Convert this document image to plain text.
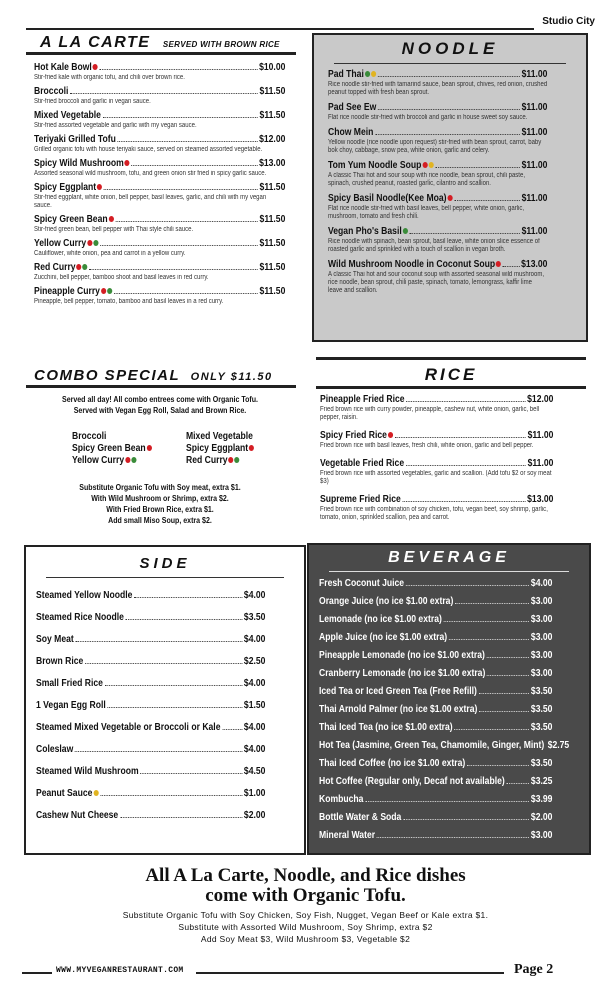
Studio City
A LA CARTE SERVED WITH BROWN RICE
Hot Kale Bowl	$10.00
Stir-fried kale with organic tofu, and chili over brown rice.
Broccoli	$11.50
Stir-fried broccoli and garlic in vegan sauce.
Mixed Vegetable	$11.50
Stir-fried assorted vegetable and garlic with my vegan sauce.
Teriyaki Grilled Tofu	$12.00
Grilled organic tofu with house teriyaki sauce, served on steamed assorted vegetable.
Spicy Wild Mushroom	$13.00
Assorted seasonal wild mushroom, tofu, and green onion stir fried in spicy garlic sauce.
Spicy Eggplant	$11.50
Stir-fried eggplant, white onion, bell pepper, basil leaves, garlic, and chili with my vegan sauce.
Spicy Green Bean	$11.50
Stir-fried green bean, bell pepper with Thai style chili sauce.
Yellow Curry	$11.50
Cauliflower, white onion, pea and carrot in a yellow curry.
Red Curry	$11.50
Zucchini, bell pepper, bamboo shoot and basil leaves in red curry.
Pineapple Curry	$11.50
Pineapple, bell pepper, tomato, bamboo and basil leaves in a red curry.
NOODLE
Pad Thai	$11.00
Rice noodle stir-fried with tamarind sauce, bean sprout, chives, red onion, crushed peanut topped with fresh bean sprout.
Pad See Ew	$11.00
Flat rice noodle stir-fried with broccoli and garlic in house sweet soy sauce.
Chow Mein	$11.00
Yellow noodle (rice noodle upon request) stir-fried with bean sprout, carrot, baby bok choy, cabbage, snow pea, white onion, garlic and celery.
Tom Yum Noodle Soup	$11.00
A classic Thai hot and sour soup with rice noodle, bean sprout, chili paste, spinach, crushed peanut, roasted garlic, cilantro and scallion.
Spicy Basil Noodle(Kee Moa)	$11.00
Flat rice noodle stir-fried with basil leaves, bell pepper, white onion, garlic, mushroom, tomato and fresh chili.
Vegan Pho's Basil	$11.00
Rice noodle with spinach, bean sprout, basil leave, white onion slice essence of roasted garlic and sprinkled with a touch of scallion in vegan broth.
Wild Mushroom Noodle in Coconut Soup	$13.00
A classic Thai hot and sour coconut soup with assorted seasonal wild mushroom, rice noodle, bean sprout, chili paste, spinach, tomato, lemongrass, kaffir lime leave and scallion.
COMBO SPECIAL ONLY $11.50
Served all day! All combo entrees come with Organic Tofu.
Served with Vegan Egg Roll, Salad and Brown Rice.
Broccoli
Spicy Green Bean
Yellow Curry
Mixed Vegetable
Spicy Eggplant
Red Curry
Substitute Organic Tofu with Soy meat, extra $1.
With Wild Mushroom or Shrimp, extra $2.
With Fried Brown Rice, extra $1.
Add small Miso Soup, extra $2.
RICE
Pineapple Fried Rice	$12.00
Fried brown rice with curry powder, pineapple, cashew nut, white onion, garlic, bell pepper, raisin.
Spicy Fried Rice	$11.00
Fried brown rice with basil leaves, fresh chili, white onion, garlic and bell pepper.
Vegetable Fried Rice	$11.00
Fried brown rice with assorted vegetables, garlic and scallion. (Add tofu $2 or soy meat $3)
Supreme Fried Rice	$13.00
Fried brown rice with combination of soy chicken, tofu, vegan beef, soy shrimp, garlic, tomato, onion, sprinkled scallion, pea and carrot.
SIDE
Steamed Yellow Noodle	$4.00
Steamed Rice Noodle	$3.50
Soy Meat	$4.00
Brown Rice	$2.50
Small Fried Rice	$4.00
1 Vegan Egg Roll	$1.50
Steamed Mixed Vegetable or Broccoli or Kale $4.00
Coleslaw	$4.00
Steamed Wild Mushroom	$4.50
Peanut Sauce	$1.00
Cashew Nut Cheese	$2.00
BEVERAGE
Fresh Coconut Juice	$4.00
Orange Juice (no ice $1.00 extra)	$3.00
Lemonade (no ice $1.00 extra)	$3.00
Apple Juice (no ice $1.00 extra)	$3.00
Pineapple Lemonade (no ice $1.00 extra)	$3.00
Cranberry Lemonade (no ice $1.00 extra)	$3.00
Iced Tea or Iced Green Tea (Free Refill)	$3.50
Thai Arnold Palmer (no ice $1.00 extra)	$3.50
Thai Iced Tea (no ice $1.00 extra)	$3.50
Hot Tea (Jasmine, Green Tea, Chamomile, Ginger, Mint) $2.75
Thai Iced Coffee (no ice $1.00 extra)	$3.50
Hot Coffee (Regular only, Decaf not available)	$3.25
Kombucha	$3.99
Bottle Water & Soda	$2.00
Mineral Water	$3.00
All A La Carte, Noodle, and Rice dishes
come with Organic Tofu.
Substitute Organic Tofu with Soy Chicken, Soy Fish, Nugget, Vegan Beef or Kale extra $1.
Substitute with Assorted Wild Mushroom, Soy Shrimp, extra $2
Add Soy Meat $3, Wild Mushroom $3, Vegetable $2
WWW.MYVEGANRESTAURANT.COM	Page 2
